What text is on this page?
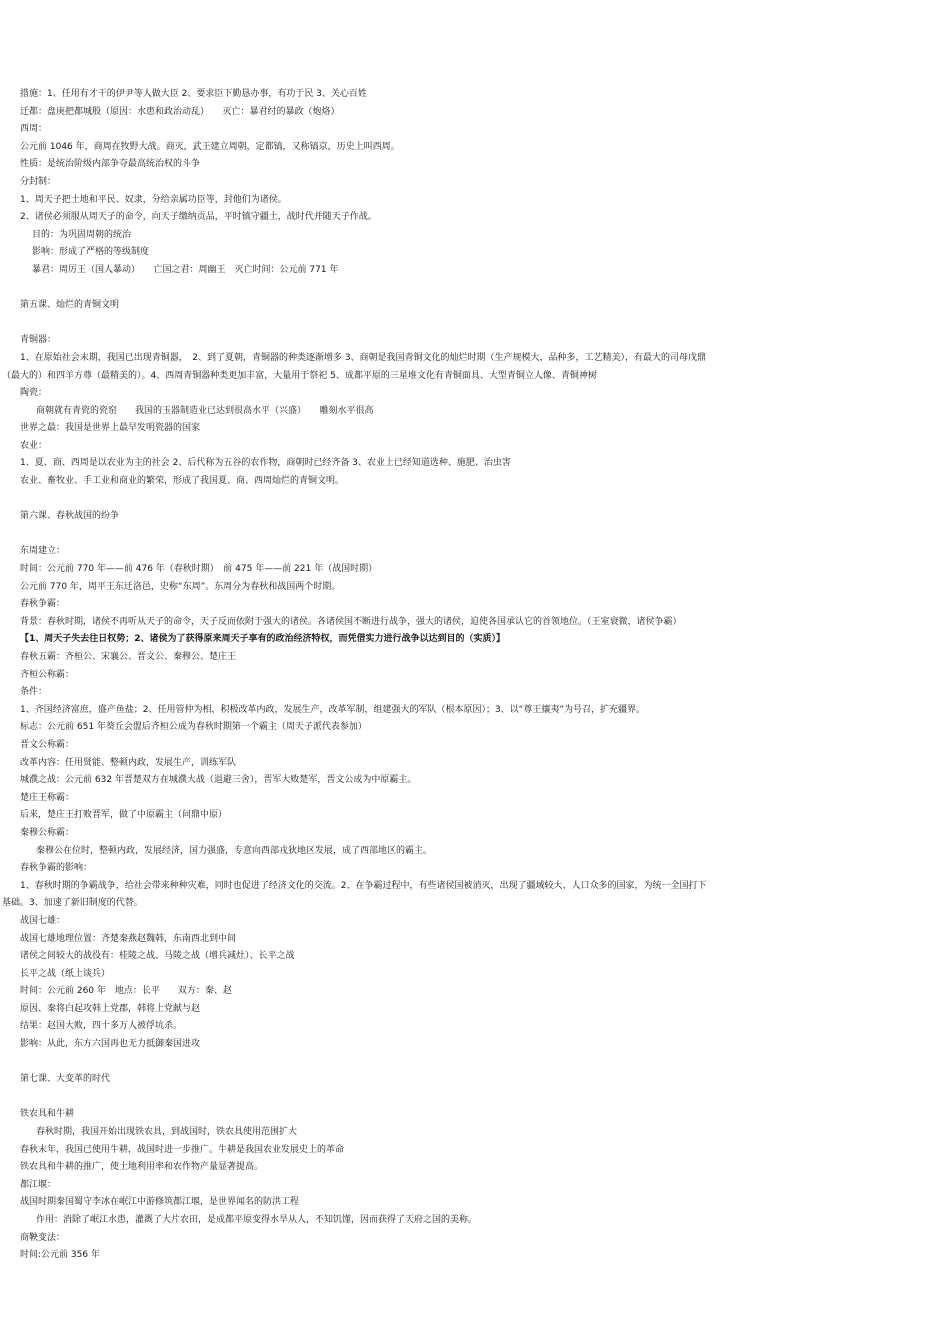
措施：1、任用有才干的伊尹等人做大臣 2、要求臣下勤恳办事，有功于民 3、关心百姓
迁都：盘庚把都城殷（原因：水患和政治动乱）　　灭亡：暴君纣的暴政（炮烙）
西周：
公元前 1046 年，商周在牧野大战。商灭，武王建立周朝，定都镐，又称镐京，历史上叫西周。
性质：是统治阶级内部争夺最高统治权的斗争
分封制：
1、周天子把土地和平民、奴隶，分给亲属功臣等，封他们为诸侯。
2、诸侯必须服从周天子的命令，向天子缴纳贡品，平时镇守疆土，战时代并随天子作战。
目的：为巩固周朝的统治
影响：形成了严格的等级制度
暴君：周厉王（国人暴动）　　亡国之君：周幽王　灭亡时间：公元前 771 年
第五课、灿烂的青铜文明
青铜器：
1、在原始社会末期，我国已出现青铜器，　2、到了夏朝，青铜器的种类逐渐增多 3、商朝是我国青铜文化的灿烂时期（生产规模大，品种多，工艺精美），有最大的司母戊鼎
（最大的）和四羊方尊（最精美的）。4、西周青铜器种类更加丰富，大量用于祭祀 5、成都平原的三星堆文化有青铜面具、大型青铜立人像、青铜神树
陶瓷：
商朝就有青瓷的瓷窑　　我国的玉器制造业已达到很高水平（兴盛）　　雕刻水平很高
世界之最：我国是世界上最早发明瓷器的国家
农业：
1、夏、商、西周是以农业为主的社会 2、后代称为五谷的农作物，商朝时已经齐备 3、农业上已经知道选种、施肥、治虫害
农业、畜牧业、手工业和商业的繁荣，形成了我国夏、商、西周灿烂的青铜文明。
第六课、春秋战国的纷争
东周建立：
时间：公元前 770 年——前 476 年（春秋时期）　前 475 年——前 221 年（战国时期）
公元前 770 年，周平王东迁洛邑，史称“东周”。东周分为春秋和战国两个时期。
春秋争霸：
背景：春秋时期，诸侯不再听从天子的命令，天子反而依附于强大的诸侯。各诸侯国不断进行战争，强大的诸侯，迫使各国承认它的首领地位。（王室衰微，诸侯争霸）
【1、周天子失去往日权势；2、诸侯为了获得原来周天子享有的政治经济特权，而凭借实力进行战争以达到目的（实质）】
春秋五霸：齐桓公、宋襄公、晋文公、秦穆公、楚庄王
齐桓公称霸：
条件：
1、齐国经济富庶，盛产鱼盐；2、任用管仲为相，积极改革内政，发展生产，改革军制，组建强大的军队（根本原因）；3、以“尊王攘夷”为号召，扩充疆界。
标志：公元前 651 年葵丘会盟后齐桓公成为春秋时期第一个霸主（周天子派代表参加）
晋文公称霸：
改革内容：任用贤能、整顿内政，发展生产，训练军队
城濮之战：公元前 632 年晋楚双方在城濮大战（退避三舍），晋军大败楚军，晋文公成为中原霸主。
楚庄王称霸：
后来，楚庄王打败晋军，做了中原霸主（问鼎中原）
秦穆公称霸：
秦穆公在位时，整顿内政，发展经济，国力强盛，专意向西部戎狄地区发展，成了西部地区的霸主。
春秋争霸的影响：
1、春秋时期的争霸战争，给社会带来种种灾难，同时也促进了经济文化的交流。2、在争霸过程中，有些诸侯国被消灭，出现了疆域较大、人口众多的国家，为统一全国打下
基础。3、加速了新旧制度的代替。
战国七雄：
战国七雄地理位置：齐楚秦燕赵魏韩，东南西北到中间
诸侯之间较大的战役有：桂陵之战、马陵之战（增兵减灶）、长平之战
长平之战（纸上谈兵）
时间：公元前 260 年　地点：长平　　双方：秦、赵
原因、秦将白起攻韩上党郡，韩将上党献与赵
结果：赵国大败，四十多万人被俘坑杀。
影响：从此，东方六国再也无力抵御秦国进攻
第七课、大变革的时代
铁农具和牛耕
春秋时期，我国开始出现铁农具，到战国时，铁农具使用范围扩大
春秋末年，我国已使用牛耕，战国时进一步推广。牛耕是我国农业发展史上的革命
铁农具和牛耕的推广，使土地利用率和农作物产量显著提高。
都江堰：
战国时期秦国蜀守李冰在岷江中游修筑都江堰，是世界闻名的防洪工程
作用：消除了岷江水患，灌溉了大片农田，是成都平原变得水旱从人，不知饥馑，因而获得了天府之国的美称。
商鞅变法：
时间:公元前 356 年
